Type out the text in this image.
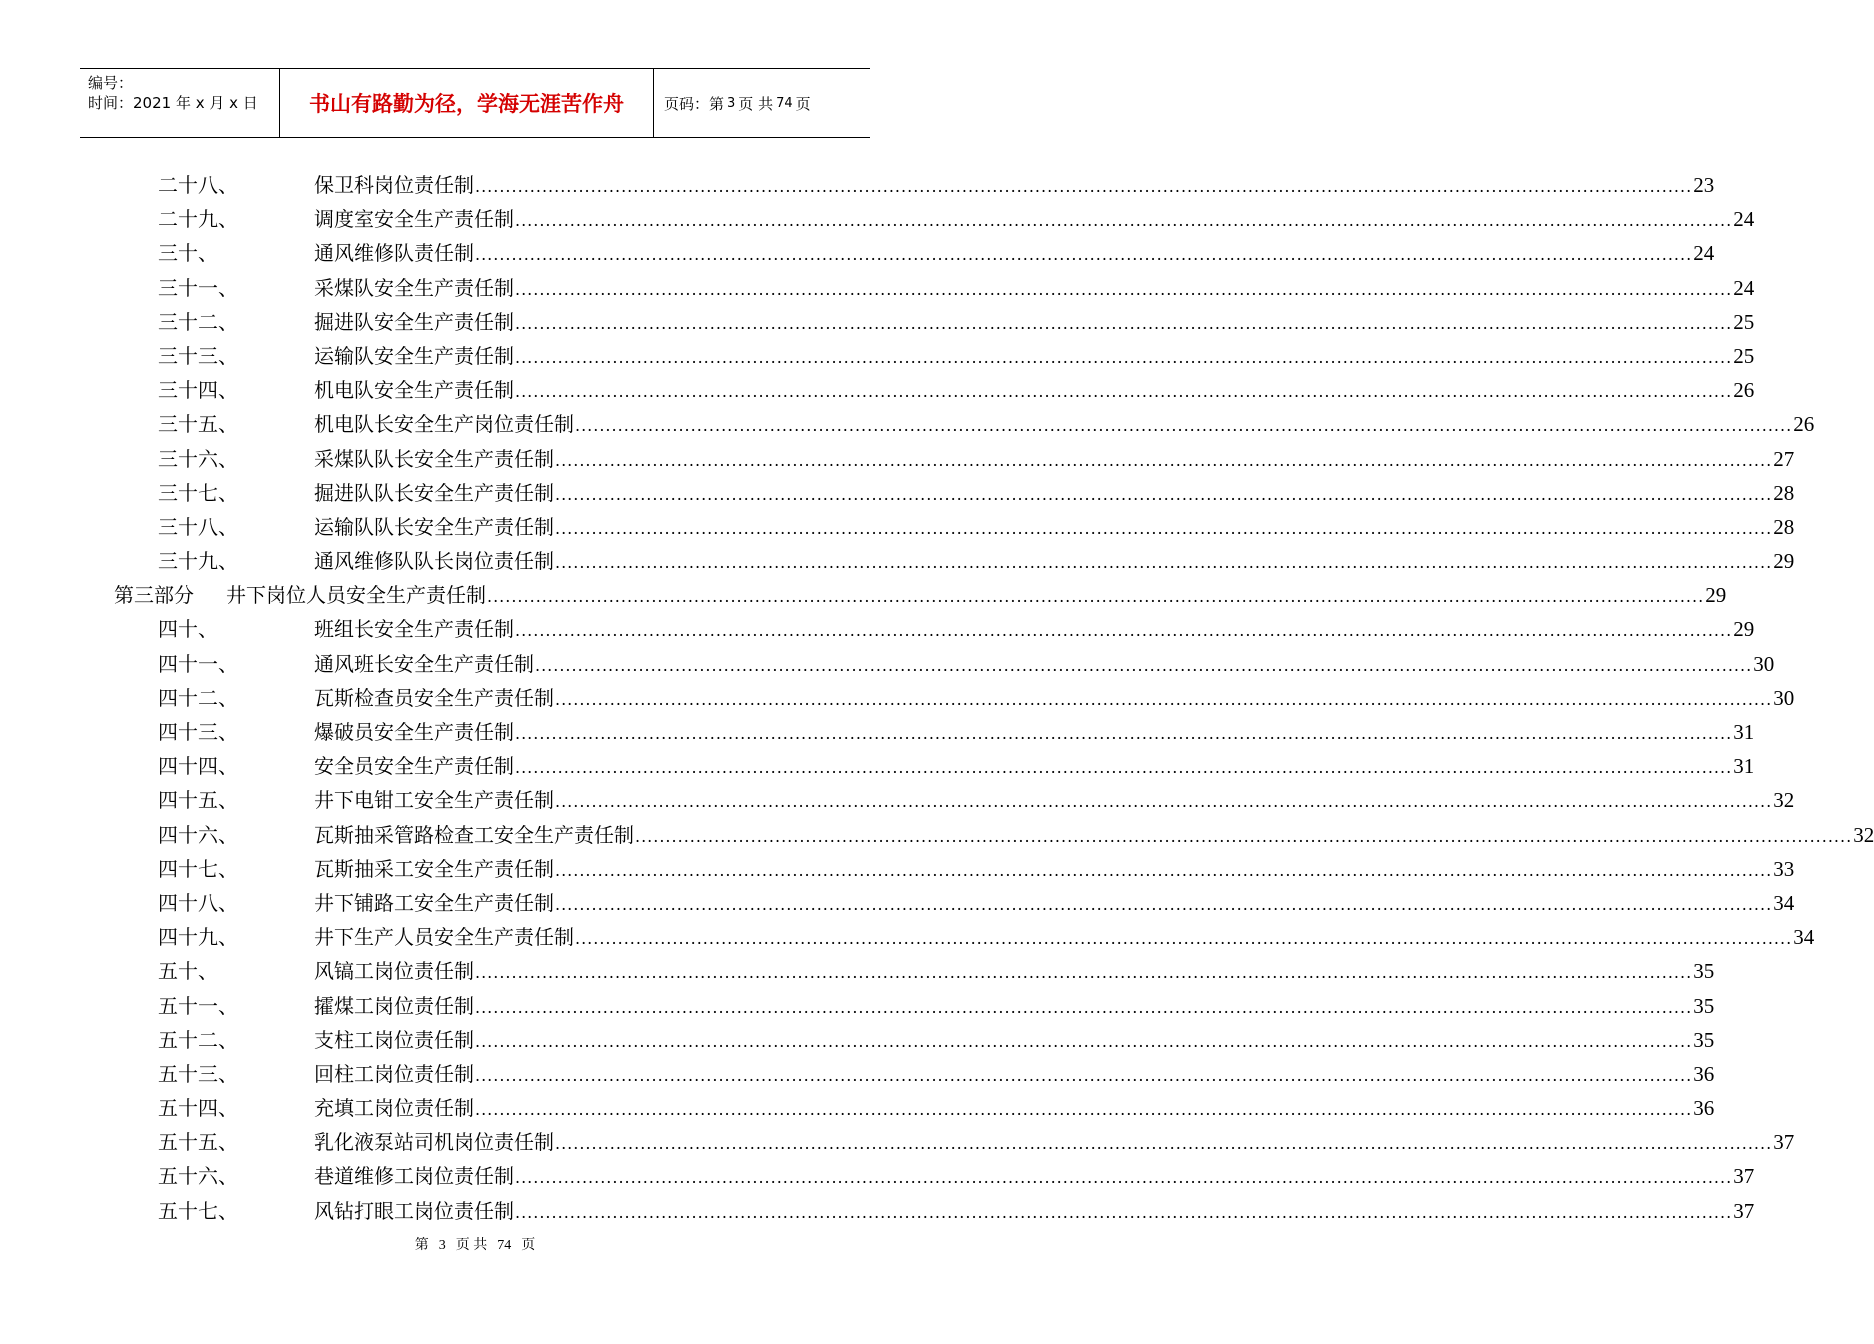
编号：
时间：2021 年 x 月 x 日	书山有路勤为径，学海无涯苦作舟	页码：第 3 页 共 74 页
二十八、	保卫科岗位责任制 ........................................................................................................................................................................................................ 23
二十九、	调度室安全生产责任制 ........................................................................................................................................................................................................ 24
三十、	通风维修队责任制 ........................................................................................................................................................................................................ 24
三十一、	采煤队安全生产责任制 ........................................................................................................................................................................................................ 24
三十二、	掘进队安全生产责任制 ........................................................................................................................................................................................................ 25
三十三、	运输队安全生产责任制 ........................................................................................................................................................................................................ 25
三十四、	机电队安全生产责任制 ........................................................................................................................................................................................................ 26
三十五、	机电队长安全生产岗位责任制 ........................................................................................................................................................................................................ 26
三十六、	采煤队队长安全生产责任制 ........................................................................................................................................................................................................ 27
三十七、	掘进队队长安全生产责任制 ........................................................................................................................................................................................................ 28
三十八、	运输队队长安全生产责任制 ........................................................................................................................................................................................................ 28
三十九、	通风维修队队长岗位责任制 ........................................................................................................................................................................................................ 29
第三部分 井下岗位人员安全生产责任制 ........................................................................................................................................................................................................ 29
四十、	班组长安全生产责任制 ........................................................................................................................................................................................................ 29
四十一、	通风班长安全生产责任制 ........................................................................................................................................................................................................ 30
四十二、	瓦斯检查员安全生产责任制 ........................................................................................................................................................................................................ 30
四十三、	爆破员安全生产责任制 ........................................................................................................................................................................................................ 31
四十四、	安全员安全生产责任制 ........................................................................................................................................................................................................ 31
四十五、	井下电钳工安全生产责任制 ........................................................................................................................................................................................................ 32
四十六、	瓦斯抽采管路检查工安全生产责任制 ........................................................................................................................................................................................................ 32
四十七、	瓦斯抽采工安全生产责任制 ........................................................................................................................................................................................................ 33
四十八、	井下铺路工安全生产责任制 ........................................................................................................................................................................................................ 34
四十九、	井下生产人员安全生产责任制 ........................................................................................................................................................................................................ 34
五十、	风镐工岗位责任制 ........................................................................................................................................................................................................ 35
五十一、	攉煤工岗位责任制 ........................................................................................................................................................................................................ 35
五十二、	支柱工岗位责任制 ........................................................................................................................................................................................................ 35
五十三、	回柱工岗位责任制 ........................................................................................................................................................................................................ 36
五十四、	充填工岗位责任制 ........................................................................................................................................................................................................ 36
五十五、	乳化液泵站司机岗位责任制 ........................................................................................................................................................................................................ 37
五十六、	巷道维修工岗位责任制 ........................................................................................................................................................................................................ 37
五十七、	风钻打眼工岗位责任制 ........................................................................................................................................................................................................ 37
第 3 页 共 74 页
